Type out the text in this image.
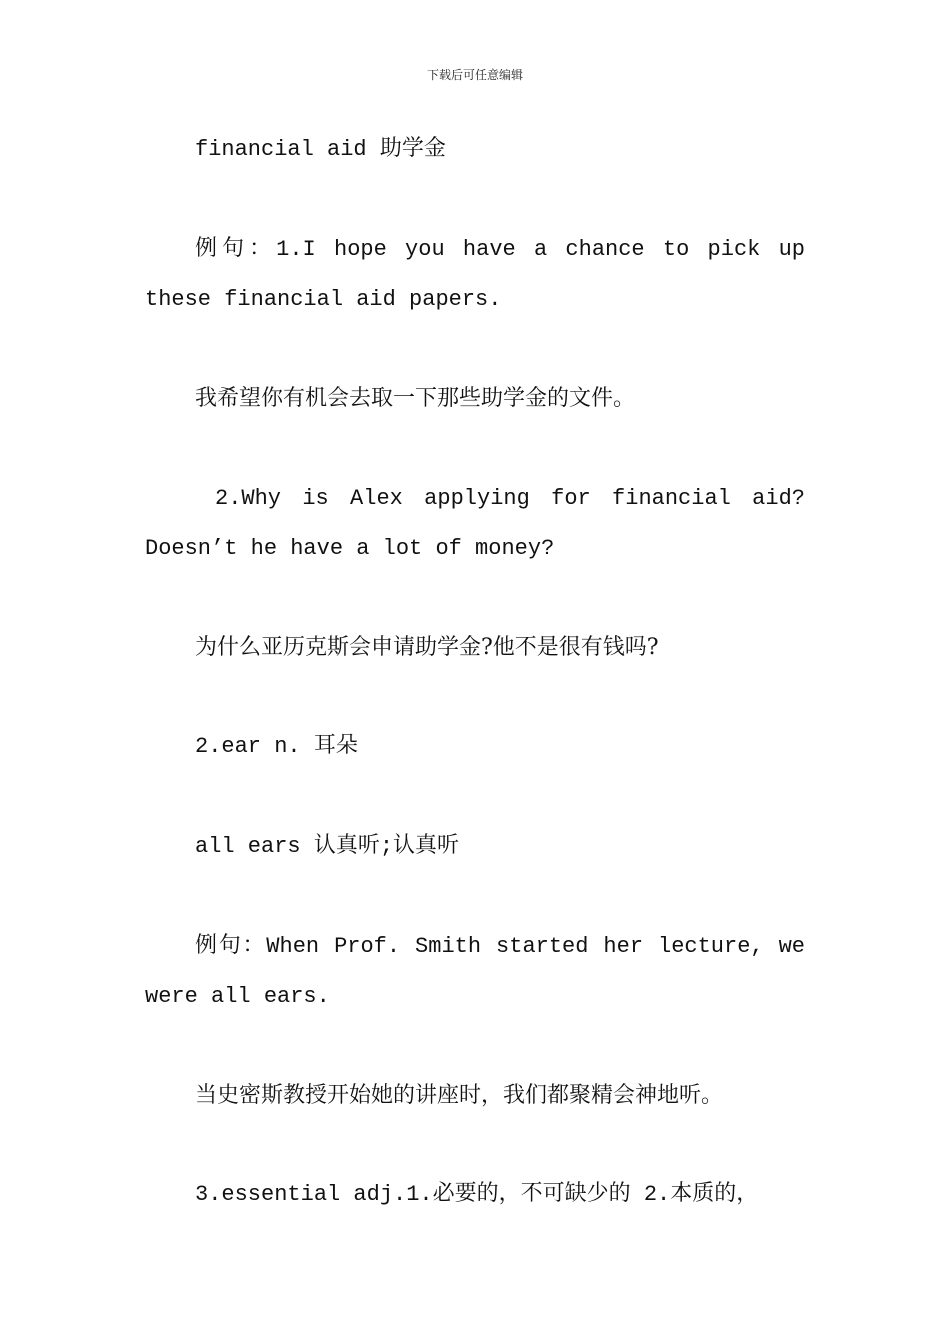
下载后可任意编辑
financial aid 助学金
例句：1.I hope you have a chance to pick up
these financial aid papers.
我希望你有机会去取一下那些助学金的文件。
2.Why is Alex applying for financial aid?
Doesn’t he have a lot of money?
为什么亚历克斯会申请助学金?他不是很有钱吗?
2.ear n. 耳朵
all ears 认真听;认真听
例句：When Prof. Smith started her lecture, we
were all ears.
当史密斯教授开始她的讲座时，我们都聚精会神地听。
3.essential adj.1.必要的，不可缺少的 2.本质的，
